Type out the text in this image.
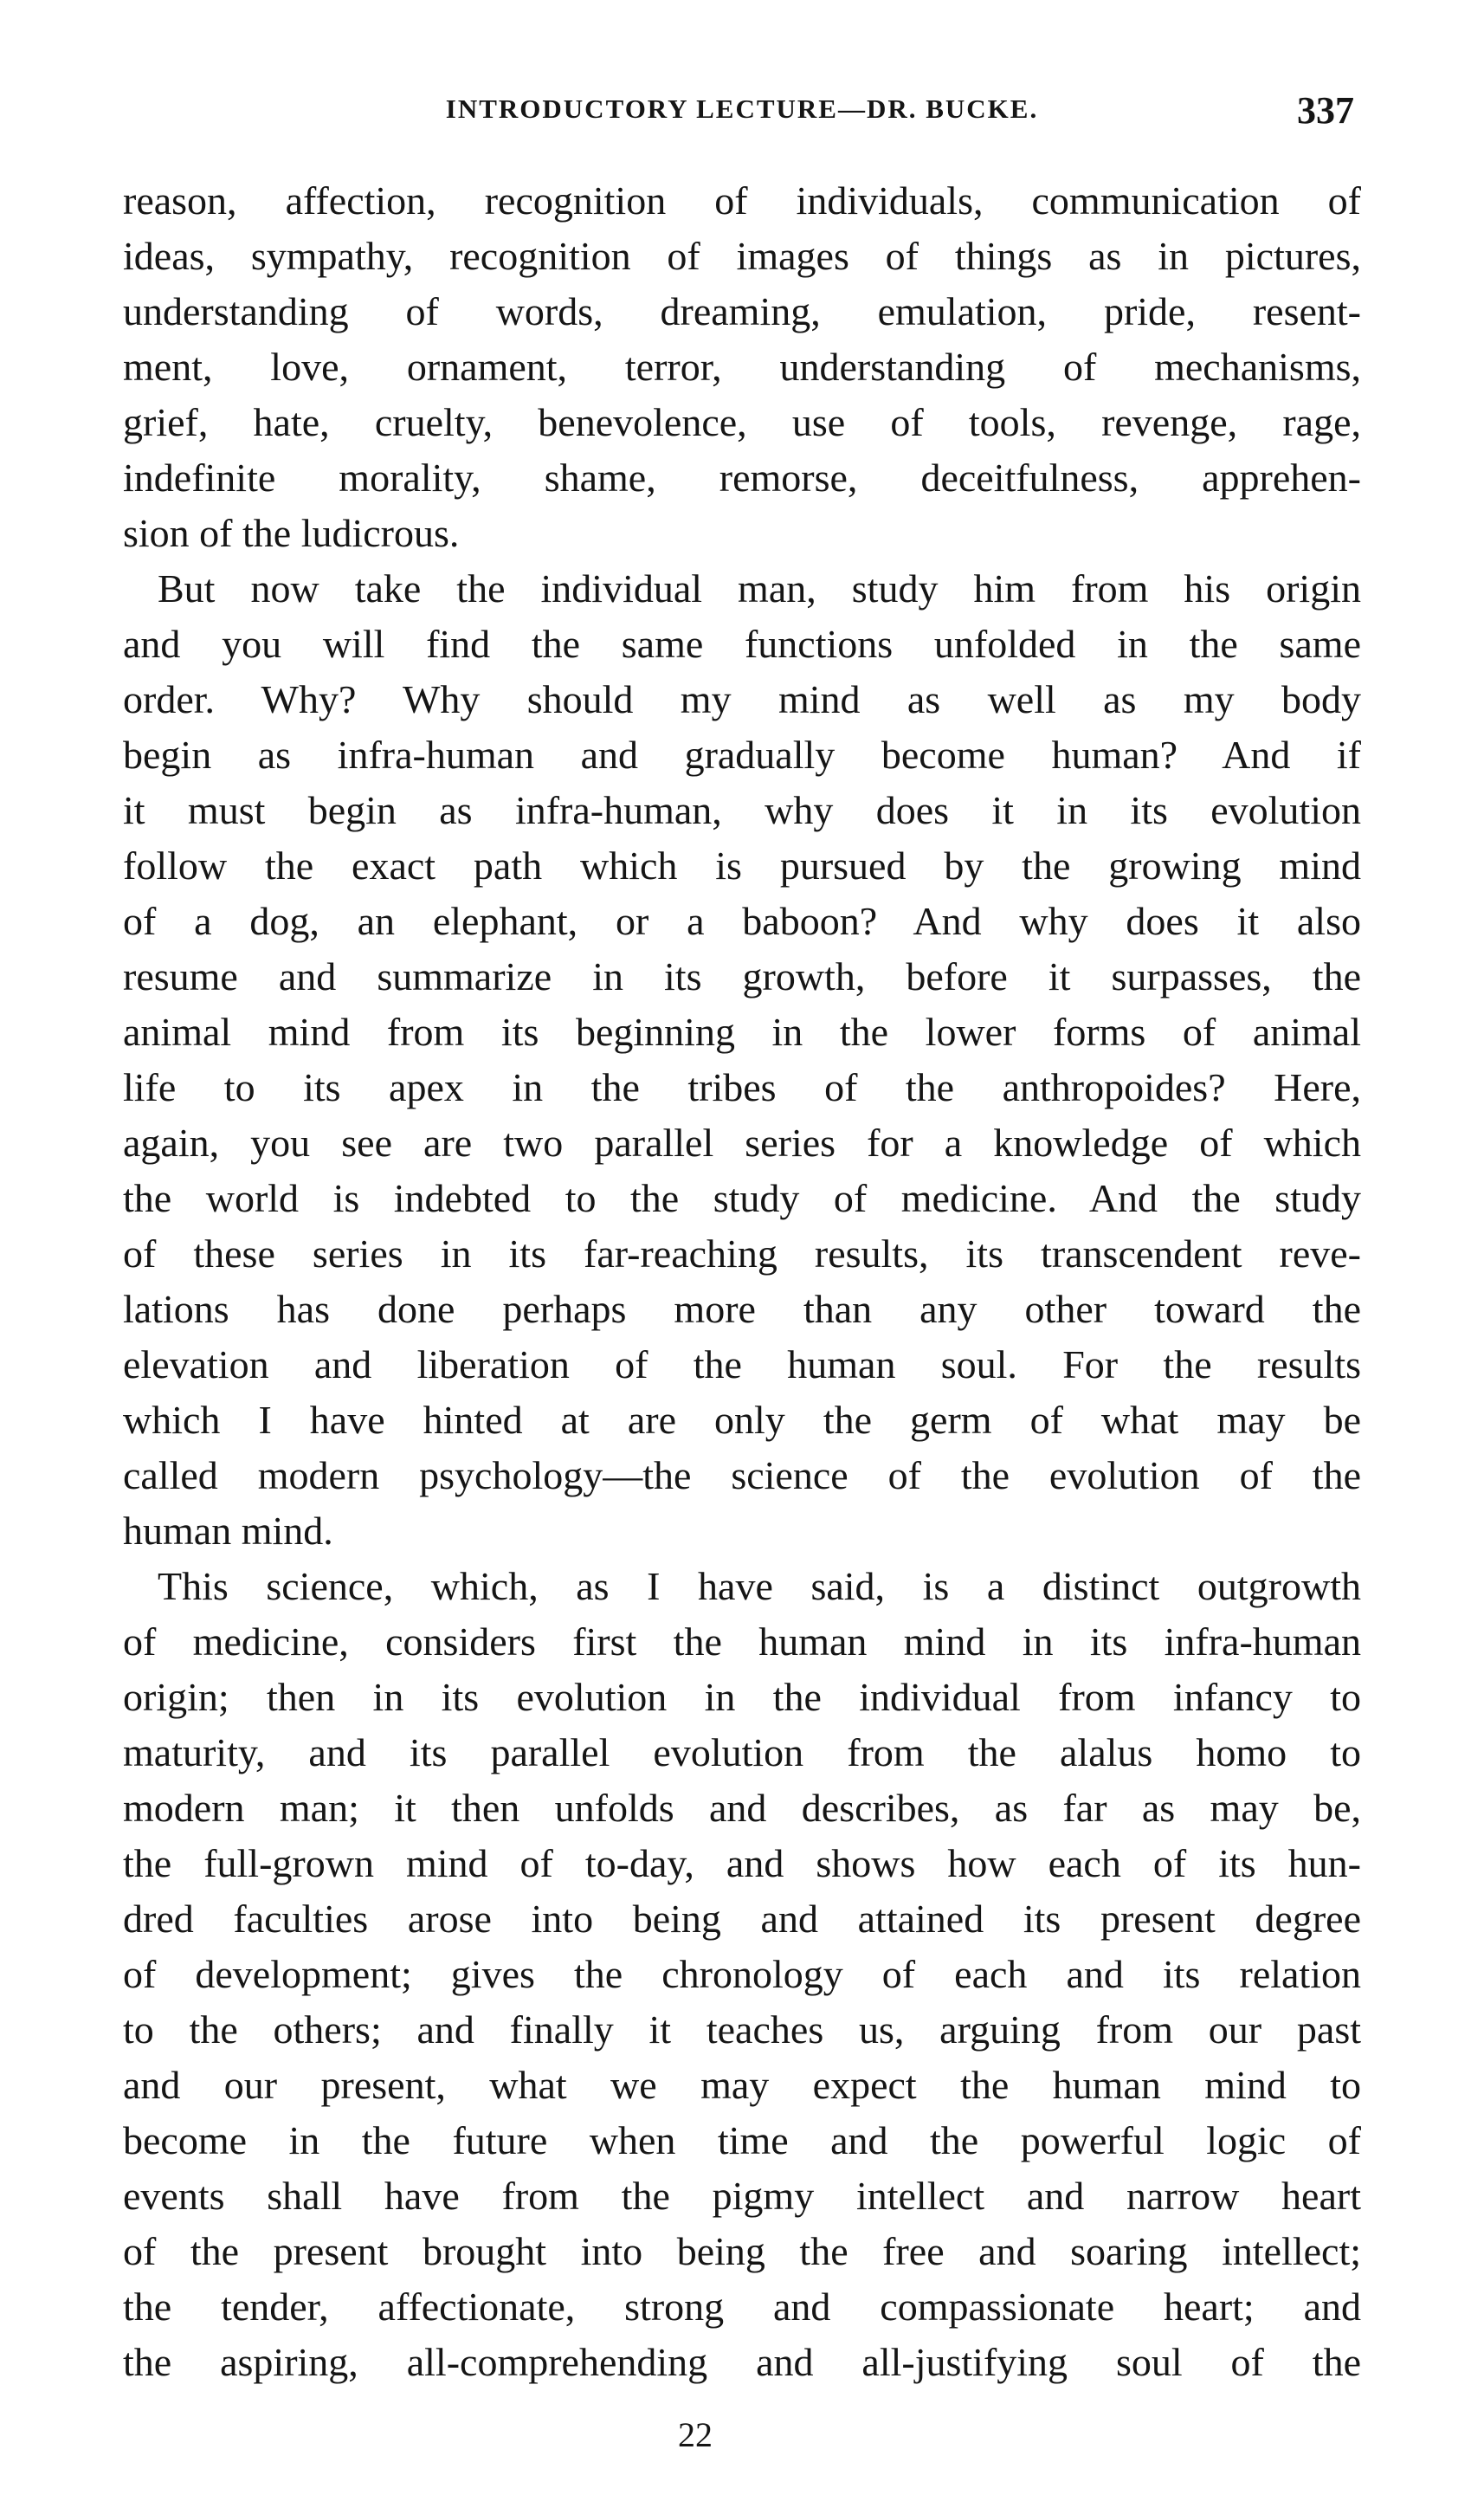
INTRODUCTORY LECTURE—DR. BUCKE.	337
reason, affection, recognition of individuals, communication of
ideas, sympathy, recognition of images of things as in pictures,
understanding of words, dreaming, emulation, pride, resent-
ment, love, ornament, terror, understanding of mechanisms,
grief, hate, cruelty, benevolence, use of tools, revenge, rage,
indefinite morality, shame, remorse, deceitfulness, apprehen-
sion of the ludicrous.
But now take the individual man, study him from his origin
and you will find the same functions unfolded in the same
order. Why? Why should my mind as well as my body
begin as infra-human and gradually become human? And if
it must begin as infra-human, why does it in its evolution
follow the exact path which is pursued by the growing mind
of a dog, an elephant, or a baboon? And why does it also
resume and summarize in its growth, before it surpasses, the
animal mind from its beginning in the lower forms of animal
life to its apex in the tribes of the anthropoides? Here,
again, you see are two parallel series for a knowledge of which
the world is indebted to the study of medicine. And the study
of these series in its far-reaching results, its transcendent reve-
lations has done perhaps more than any other toward the
elevation and liberation of the human soul. For the results
which I have hinted at are only the germ of what may be
called modern psychology—the science of the evolution of the
human mind.
This science, which, as I have said, is a distinct outgrowth
of medicine, considers first the human mind in its infra-human
origin; then in its evolution in the individual from infancy to
maturity, and its parallel evolution from the alalus homo to
modern man; it then unfolds and describes, as far as may be,
the full-grown mind of to-day, and shows how each of its hun-
dred faculties arose into being and attained its present degree
of development; gives the chronology of each and its relation
to the others; and finally it teaches us, arguing from our past
and our present, what we may expect the human mind to
become in the future when time and the powerful logic of
events shall have from the pigmy intellect and narrow heart
of the present brought into being the free and soaring intellect;
the tender, affectionate, strong and compassionate heart; and
the aspiring, all-comprehending and all-justifying soul of the
22
